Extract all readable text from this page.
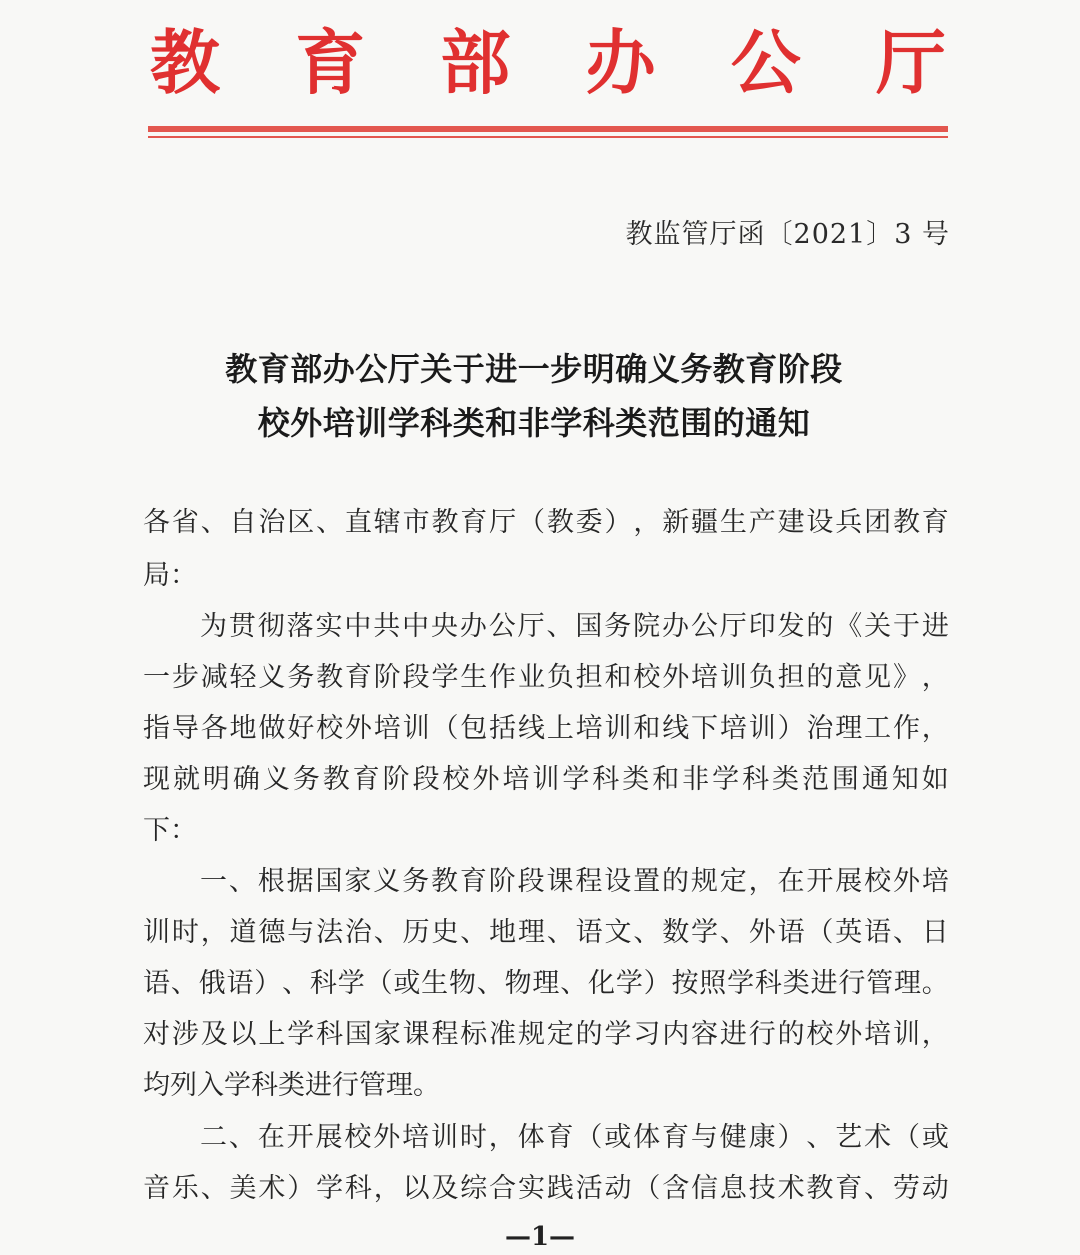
教 育 部 办 公 厅
教监管厅函〔2021〕3 号
教育部办公厅关于进一步明确义务教育阶段
校外培训学科类和非学科类范围的通知
各 省 、 自 治 区 、 直 辖 市 教 育 厅 （ 教 委 ） ， 新 疆 生 产 建 设 兵 团 教 育
局：
为 贯 彻 落 实 中 共 中 央 办 公 厅 、 国 务 院 办 公 厅 印 发 的 《 关 于 进
一 步 减 轻 义 务 教 育 阶 段 学 生 作 业 负 担 和 校 外 培 训 负 担 的 意 见 》 ，
指 导 各 地 做 好 校 外 培 训 （ 包 括 线 上 培 训 和 线 下 培 训 ） 治 理 工 作 ，
现 就 明 确 义 务 教 育 阶 段 校 外 培 训 学 科 类 和 非 学 科 类 范 围 通 知 如
下：
一 、 根 据 国 家 义 务 教 育 阶 段 课 程 设 置 的 规 定 ， 在 开 展 校 外 培
训 时 ， 道 德 与 法 治 、 历 史 、 地 理 、 语 文 、 数 学 、 外 语 （ 英 语 、 日
语 、 俄 语 ） 、 科 学 （ 或 生 物 、 物 理 、 化 学 ） 按 照 学 科 类 进 行 管 理 。
对 涉 及 以 上 学 科 国 家 课 程 标 准 规 定 的 学 习 内 容 进 行 的 校 外 培 训 ，
均列入学科类进行管理。
二 、 在 开 展 校 外 培 训 时 ， 体 育 （ 或 体 育 与 健 康 ） 、 艺 术 （ 或
音 乐 、 美 术 ） 学 科 ， 以 及 综 合 实 践 活 动 （ 含 信 息 技 术 教 育 、 劳 动
—1—
